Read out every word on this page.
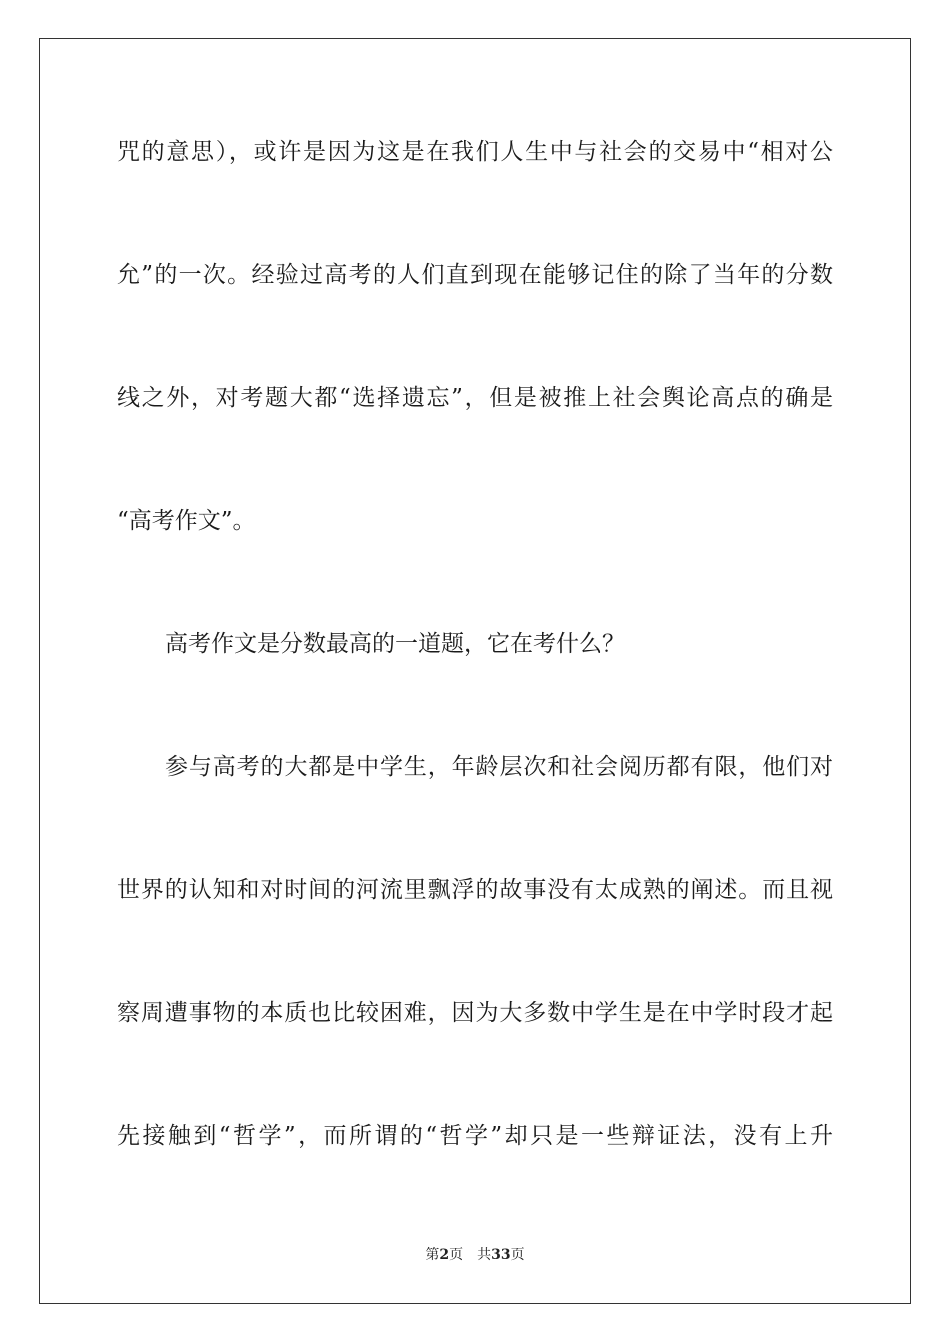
咒的意思），或许是因为这是在我们人生中与社会的交易中“相对公
允”的一次。经验过高考的人们直到现在能够记住的除了当年的分数
线之外，对考题大都“选择遗忘”，但是被推上社会舆论高点的确是
“高考作文”。
高考作文是分数最高的一道题，它在考什么？
参与高考的大都是中学生，年龄层次和社会阅历都有限，他们对
世界的认知和对时间的河流里飘浮的故事没有太成熟的阐述。而且视
察周遭事物的本质也比较困难，因为大多数中学生是在中学时段才起
先接触到“哲学”，而所谓的“哲学”却只是一些辩证法，没有上升
第2页 共33页
